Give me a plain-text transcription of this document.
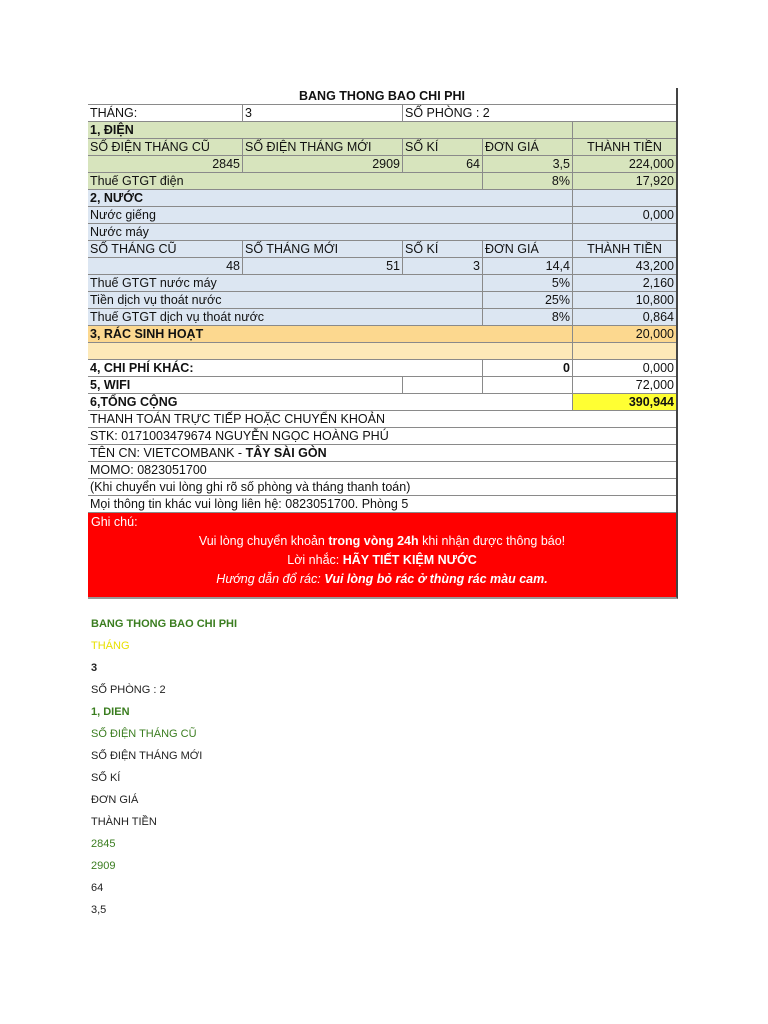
BANG THONG BAO CHI PHI
THÁNG:	3	SỐ PHÒNG : 2
1, ĐIỆN
SỐ ĐIỆN THÁNG CŨ	SỐ ĐIỆN THÁNG MỚI	SỐ KÍ	ĐƠN GIÁ	THÀNH TIỀN
2845	2909	64	3,5	224,000
Thuế GTGT điện	8%	17,920
2, NƯỚC
Nước giếng	0,000
Nước máy
SỐ THÁNG CŨ	SỐ THÁNG MỚI	SỐ KÍ	ĐƠN GIÁ	THÀNH TIỀN
48	51	3	14,4	43,200
Thuế GTGT nước máy	5%	2,160
Tiền dịch vụ thoát nước	25%	10,800
Thuế GTGT dịch vụ thoát nước	8%	0,864
3, RÁC SINH HOẠT	20,000
4, CHI PHÍ KHÁC:	0	0,000
5, WIFI	72,000
6,TỔNG CỘNG	390,944
THANH TOÁN TRỰC TIẾP HOẶC CHUYỂN KHOẢN
STK: 0171003479674 NGUYỄN NGỌC HOÀNG PHÚ
TÊN CN: VIETCOMBANK - TÂY SÀI GÒN
MOMO: 0823051700
(Khi chuyển vui lòng ghi rõ số phòng và tháng thanh toán)
Mọi thông tin khác vui lòng liên hệ: 0823051700. Phòng 5
Ghi chú:
Vui lòng chuyển khoản trong vòng 24h khi nhận được thông báo!
Lời nhắc: HÃY TIẾT KIỆM NƯỚC
Hướng dẫn đổ rác: Vui lòng bỏ rác ở thùng rác màu cam.
BANG THONG BAO CHI PHI
THÁNG
3
SỐ PHÒNG : 2
1, DIEN
SỐ ĐIỆN THÁNG CŨ
SỐ ĐIỆN THÁNG MỚI
SỐ KÍ
ĐƠN GIÁ
THÀNH TIỀN
2845
2909
64
3,5
